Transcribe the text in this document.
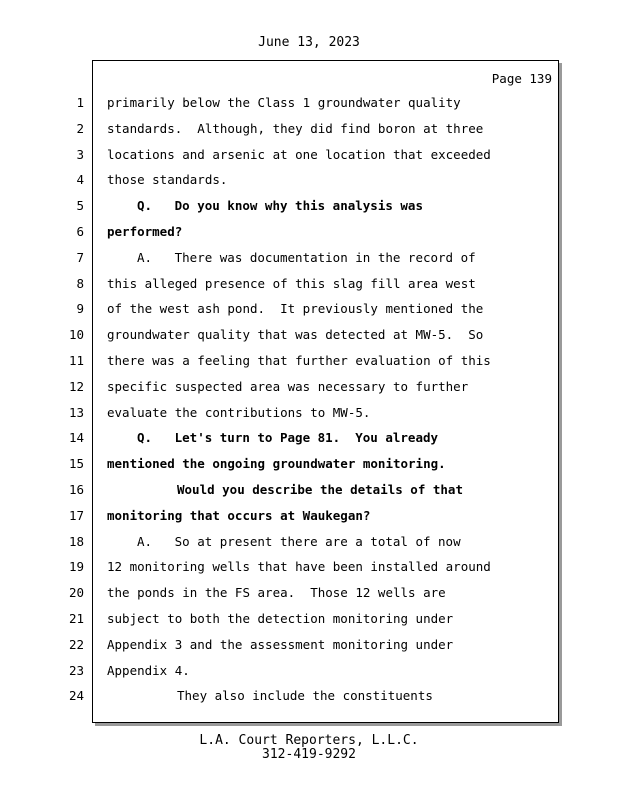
June 13, 2023
Page 139
1 primarily below the Class 1 groundwater quality
2 standards.  Although, they did find boron at three
3 locations and arsenic at one location that exceeded
4 those standards.
5	Q.   Do you know why this analysis was
6 performed?
7	A.   There was documentation in the record of
8 this alleged presence of this slag fill area west
9 of the west ash pond.  It previously mentioned the
10 groundwater quality that was detected at MW-5.  So
11 there was a feeling that further evaluation of this
12 specific suspected area was necessary to further
13 evaluate the contributions to MW-5.
14	Q.   Let's turn to Page 81.  You already
15 mentioned the ongoing groundwater monitoring.
16	Would you describe the details of that
17 monitoring that occurs at Waukegan?
18	A.   So at present there are a total of now
19 12 monitoring wells that have been installed around
20 the ponds in the FS area.  Those 12 wells are
21 subject to both the detection monitoring under
22 Appendix 3 and the assessment monitoring under
23 Appendix 4.
24	They also include the constituents
L.A. Court Reporters, L.L.C.
312-419-9292
